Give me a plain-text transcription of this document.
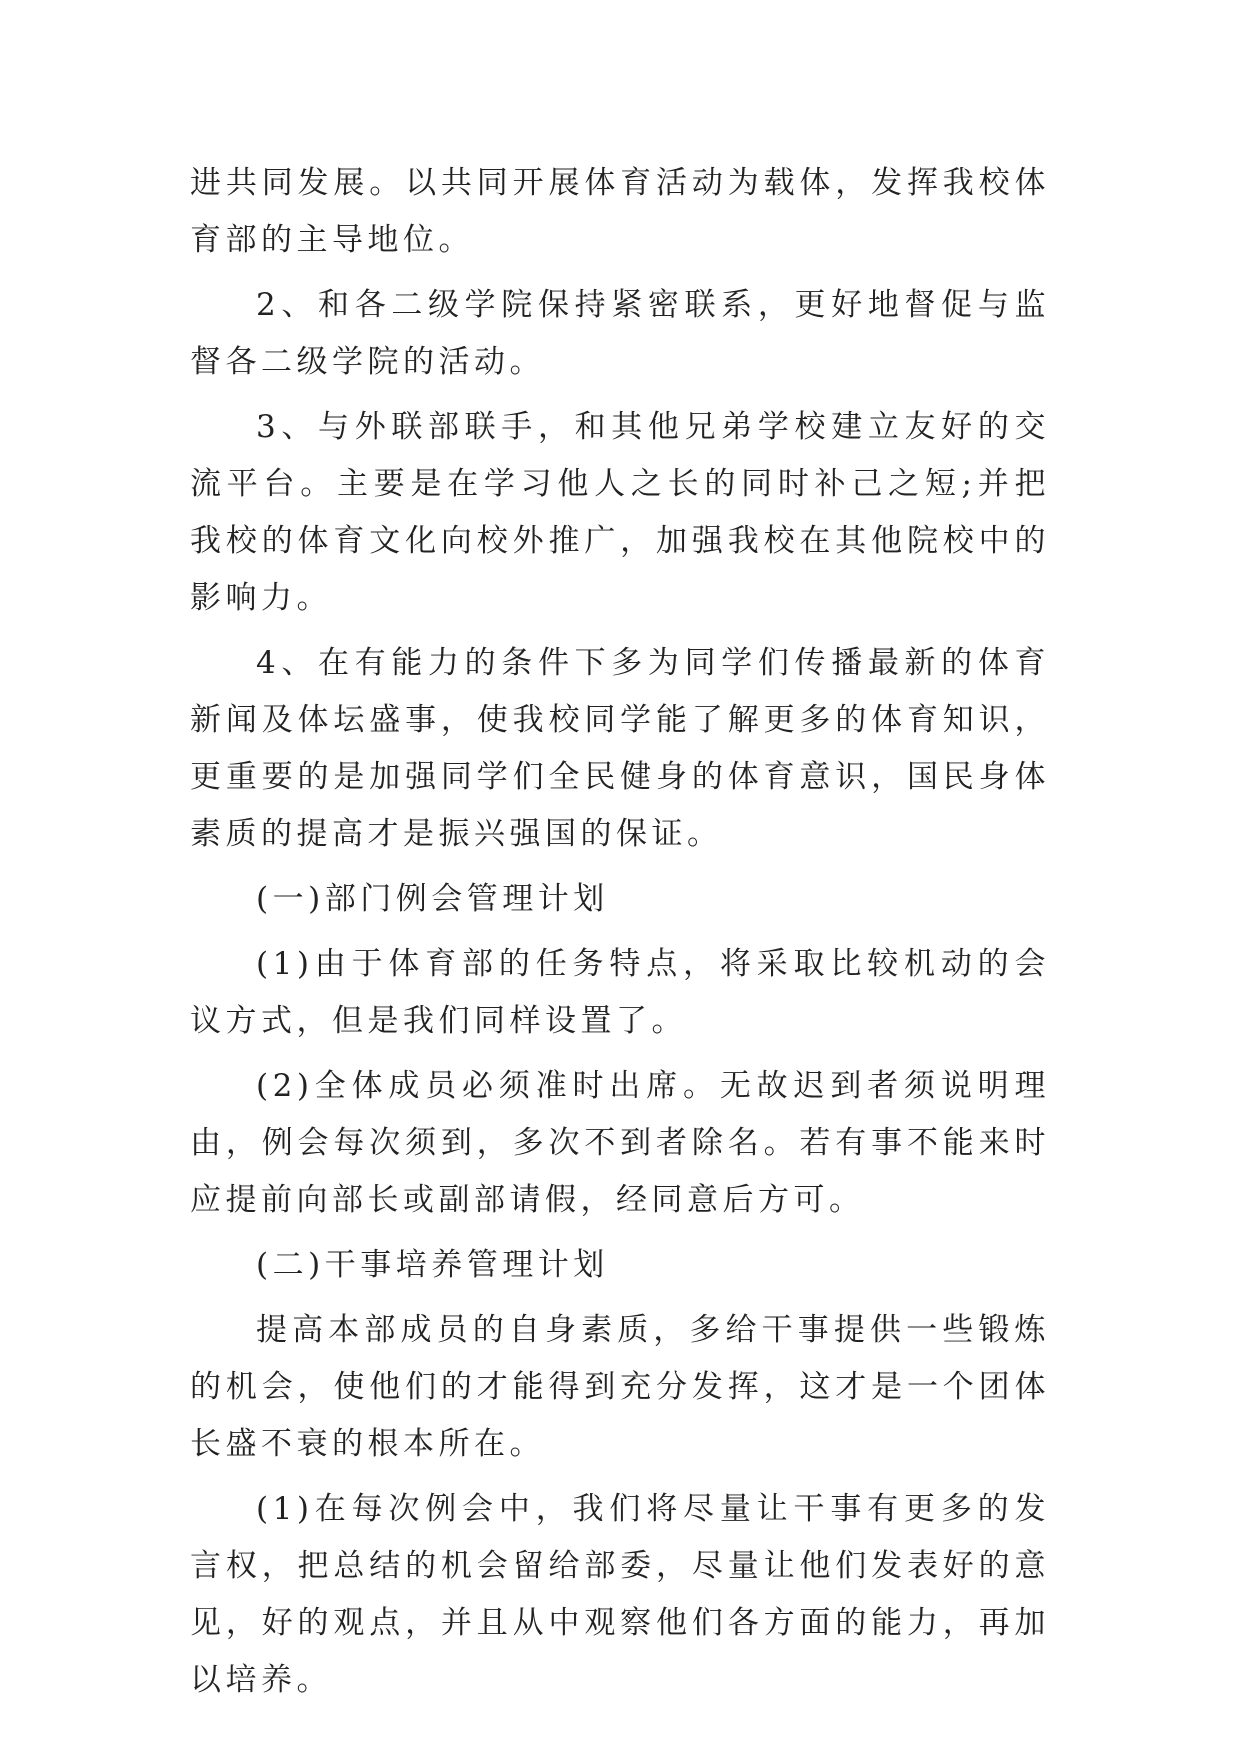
进共同发展。以共同开展体育活动为载体，发挥我校体育部的主导地位。

2、和各二级学院保持紧密联系，更好地督促与监督各二级学院的活动。

3、与外联部联手，和其他兄弟学校建立友好的交流平台。主要是在学习他人之长的同时补己之短;并把我校的体育文化向校外推广，加强我校在其他院校中的影响力。

4、在有能力的条件下多为同学们传播最新的体育新闻及体坛盛事，使我校同学能了解更多的体育知识，更重要的是加强同学们全民健身的体育意识，国民身体素质的提高才是振兴强国的保证。

(一)部门例会管理计划

(1)由于体育部的任务特点，将采取比较机动的会议方式，但是我们同样设置了。

(2)全体成员必须准时出席。无故迟到者须说明理由，例会每次须到，多次不到者除名。若有事不能来时应提前向部长或副部请假，经同意后方可。

(二)干事培养管理计划

提高本部成员的自身素质，多给干事提供一些锻炼的机会，使他们的才能得到充分发挥，这才是一个团体长盛不衰的根本所在。

(1)在每次例会中，我们将尽量让干事有更多的发言权，把总结的机会留给部委，尽量让他们发表好的意见，好的观点，并且从中观察他们各方面的能力，再加以培养。
